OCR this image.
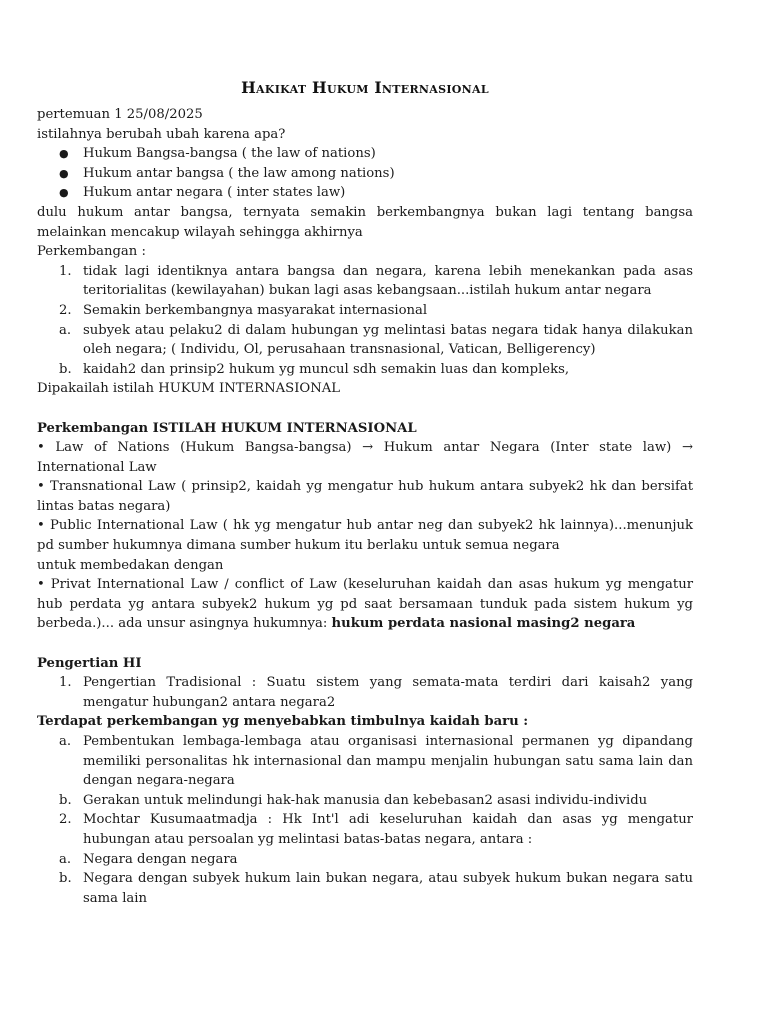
Hakikat Hukum Internasional

pertemuan 1 25/08/2025

istilahnya berubah ubah karena apa?

● Hukum Bangsa-bangsa ( the law of nations)
● Hukum antar bangsa ( the law among nations)
● Hukum antar negara ( inter states law)

dulu hukum antar bangsa, ternyata semakin berkembangnya bukan lagi tentang bangsa melainkan mencakup wilayah sehingga akhirnya

Perkembangan :

1. tidak lagi identiknya antara bangsa dan negara, karena lebih menekankan pada asas teritorialitas (kewilayahan) bukan lagi asas kebangsaan...istilah hukum antar negara
2. Semakin berkembangnya masyarakat internasional
a. subyek atau pelaku2 di dalam hubungan yg melintasi batas negara tidak hanya dilakukan oleh negara; ( Individu, Ol, perusahaan transnasional, Vatican, Belligerency)
b. kaidah2 dan prinsip2 hukum yg muncul sdh semakin luas dan kompleks,

Dipakailah istilah HUKUM INTERNASIONAL

Perkembangan ISTILAH HUKUM INTERNASIONAL

• Law of Nations (Hukum Bangsa-bangsa) → Hukum antar Negara (Inter state law) → International Law

• Transnational Law ( prinsip2, kaidah yg mengatur hub hukum antara subyek2 hk dan bersifat lintas batas negara)

• Public International Law ( hk yg mengatur hub antar neg dan subyek2 hk lainnya)...menunjuk pd sumber hukumnya dimana sumber hukum itu berlaku untuk semua negara

untuk membedakan dengan

• Privat International Law / conflict of Law (keseluruhan kaidah dan asas hukum yg mengatur hub perdata yg antara subyek2 hukum yg pd saat bersamaan tunduk pada sistem hukum yg berbeda.)... ada unsur asingnya hukumnya: hukum perdata nasional masing2 negara

Pengertian HI

1. Pengertian Tradisional : Suatu sistem yang semata-mata terdiri dari kaisah2 yang mengatur hubungan2 antara negara2

Terdapat perkembangan yg menyebabkan timbulnya kaidah baru :

a. Pembentukan lembaga-lembaga atau organisasi internasional permanen yg dipandang memiliki personalitas hk internasional dan mampu menjalin hubungan satu sama lain dan dengan negara-negara
b. Gerakan untuk melindungi hak-hak manusia dan kebebasan2 asasi individu-individu
2. Mochtar Kusumaatmadja : Hk Int'l adi keseluruhan kaidah dan asas yg mengatur hubungan atau persoalan yg melintasi batas-batas negara, antara :
a. Negara dengan negara
b. Negara dengan subyek hukum lain bukan negara, atau subyek hukum bukan negara satu sama lain
